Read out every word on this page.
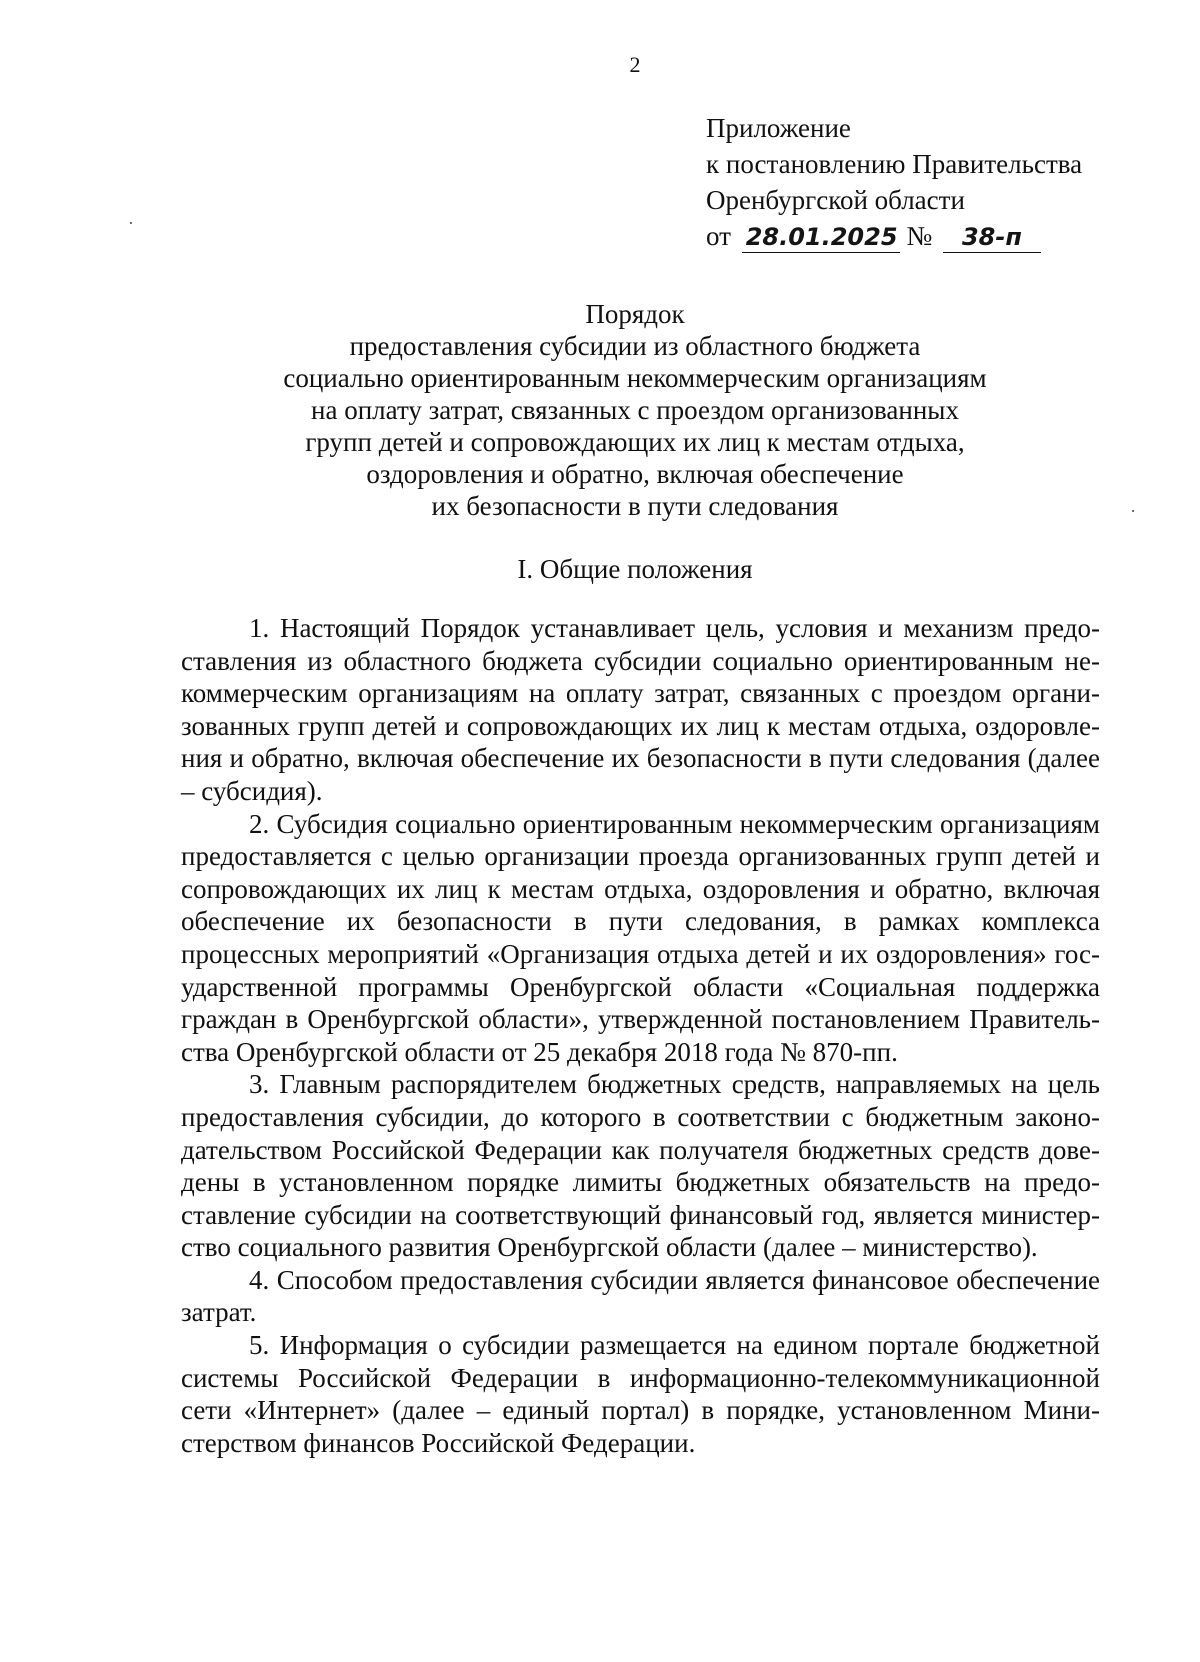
2
Приложение
к постановлению Правительства
Оренбургской области
от 28.01.2025 № 38-п
Порядок
предоставления субсидии из областного бюджета
социально ориентированным некоммерческим организациям
на оплату затрат, связанных с проездом организованных
групп детей и сопровождающих их лиц к местам отдыха,
оздоровления и обратно, включая обеспечение
их безопасности в пути следования
I. Общие положения

1. Настоящий Порядок устанавливает цель, условия и механизм предоставления из областного бюджета субсидии социально ориентированным некоммерческим организациям на оплату затрат, связанных с проездом организованных групп детей и сопровождающих их лиц к местам отдыха, оздоровления и обратно, включая обеспечение их безопасности в пути следования (далее – субсидия).

2. Субсидия социально ориентированным некоммерческим организациям предоставляется с целью организации проезда организованных групп детей и сопровождающих их лиц к местам отдыха, оздоровления и обратно, включая обеспечение их безопасности в пути следования, в рамках комплекса процессных мероприятий «Организация отдыха детей и их оздоровления» государственной программы Оренбургской области «Социальная поддержка граждан в Оренбургской области», утвержденной постановлением Правительства Оренбургской области от 25 декабря 2018 года № 870-пп.

3. Главным распорядителем бюджетных средств, направляемых на цель предоставления субсидии, до которого в соответствии с бюджетным законодательством Российской Федерации как получателя бюджетных средств доведены в установленном порядке лимиты бюджетных обязательств на предоставление субсидии на соответствующий финансовый год, является министерство социального развития Оренбургской области (далее – министерство).

4. Способом предоставления субсидии является финансовое обеспечение затрат.

5. Информация о субсидии размещается на едином портале бюджетной системы Российской Федерации в информационно-телекоммуникационной сети «Интернет» (далее – единый портал) в порядке, установленном Министерством финансов Российской Федерации.
